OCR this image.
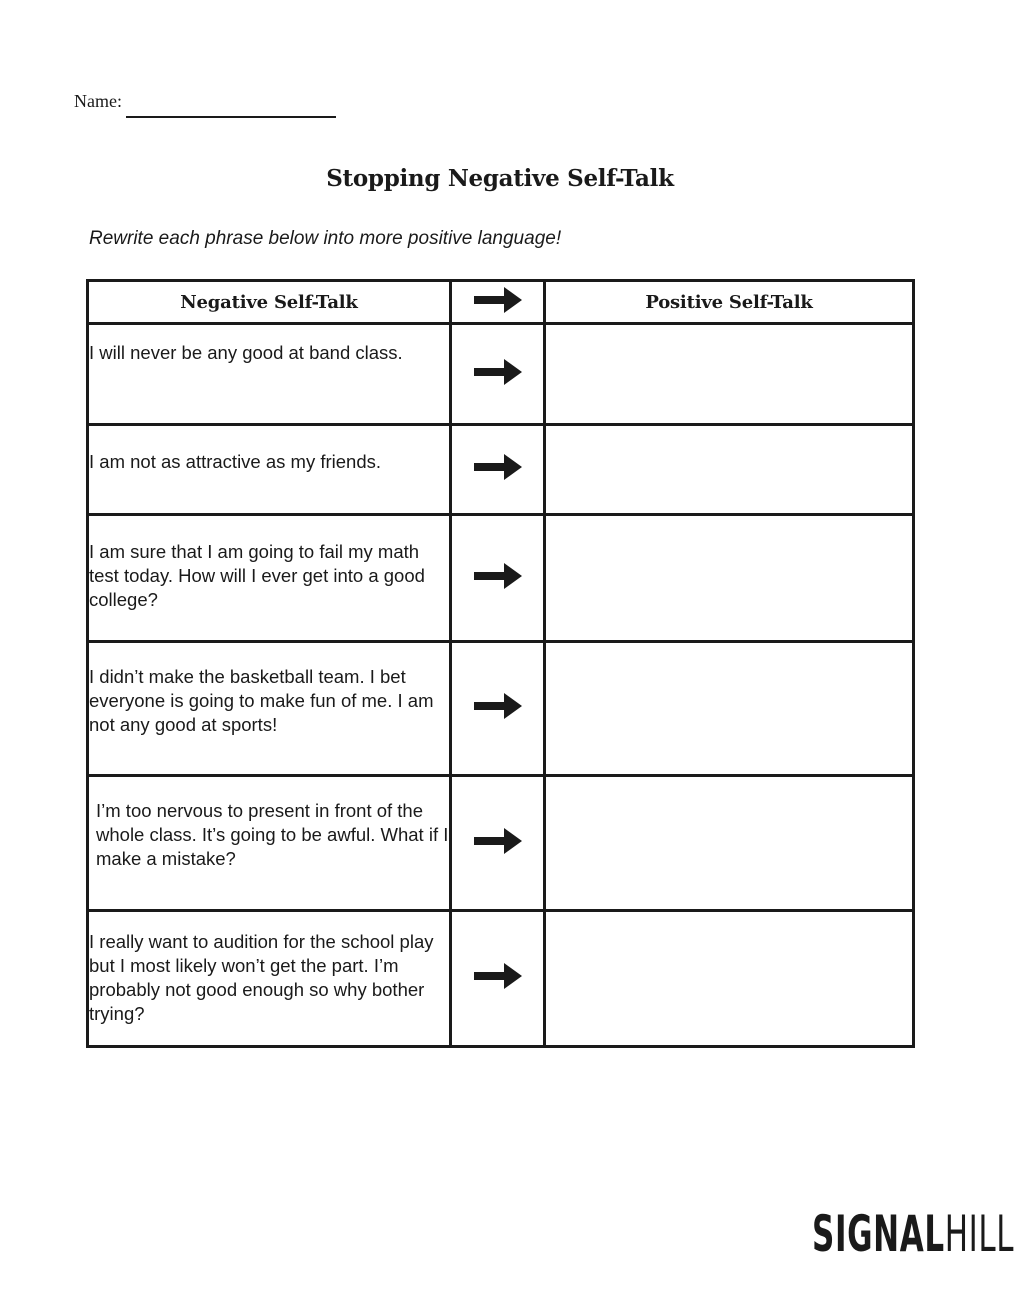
Name:
Stopping Negative Self-Talk
Rewrite each phrase below into more positive language!
Negative Self-Talk		Positive Self-Talk
I will never be any good at band class.	

I am not as attractive as my friends.	

I am sure that I am going to fail my math test today. How will I ever get into a good college?	

I didn’t make the basketball team. I bet everyone is going to make fun of me. I am not any good at sports!	

I’m too nervous to present in front of the whole class. It’s going to be awful. What if I make a mistake?	

I really want to audition for the school play but I most likely won’t get the part. I’m probably not good enough so why bother trying?	

SIGNALHILL
